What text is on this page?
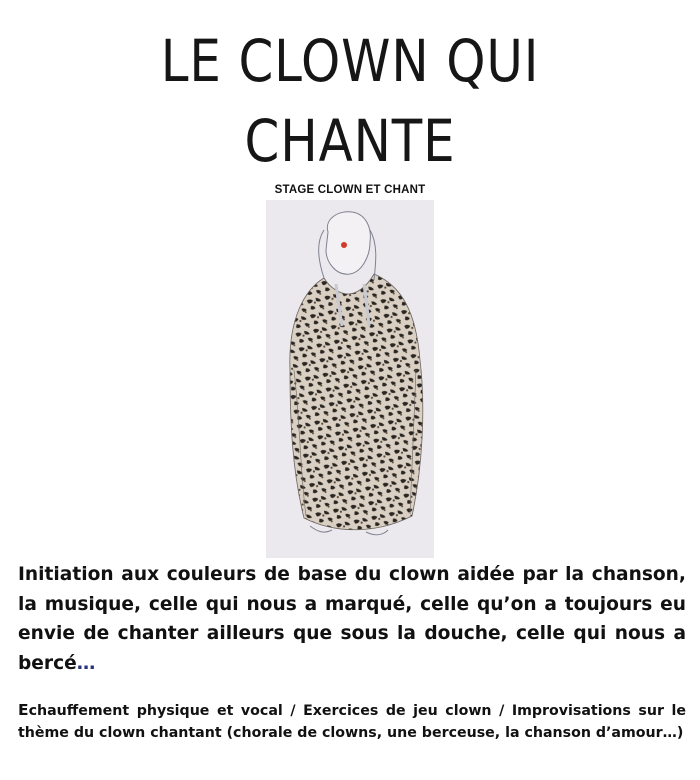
LE CLOWN QUI
CHANTE
STAGE CLOWN ET CHANT

Initiation aux couleurs de base du clown aidée par la chanson, la musique, celle qui nous a marqué, celle qu’on a toujours eu envie de chanter ailleurs que sous la douche, celle qui nous a bercé…

Echauffement physique et vocal / Exercices de jeu clown / Improvisations sur le thème du clown chantant (chorale de clowns, une berceuse, la chanson d’amour…)
